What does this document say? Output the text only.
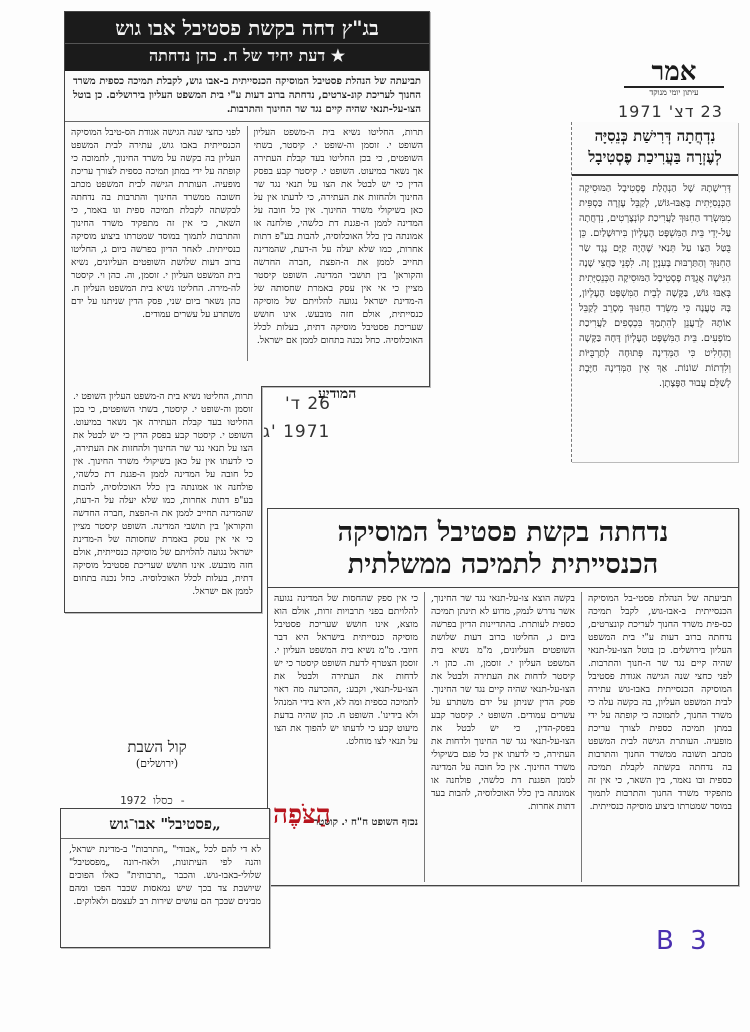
בג"ץ דחה בקשת פסטיבל אבו גוש
★ דעת יחיד של ח. כהן נדחתה
תביעתה של הנהלת פסטיבל המוסיקה הכנסייתית ב-אבו גוש, לקבלת תמיכה כספית משרד החנוך לעריכת קונ-צרטים, נדחתה ברוב דעות ע"י בית המשפט העליון בירושלים. כן בוטל הצו-על-תנאי שהיה קיים נגד שר החינוך והתרבות.
תרות, החליטו נשיא בית ה-משפט העליון השופט י. זוסמן וה-שופט י. קיסטר, בשתי השופטים, כי בכן החליטו בעד קבלת העתירה אך נשאר במיעוט. השופט י. קיסטר קבע בפסק הדין כי יש לבטל את הצו על תנאי נגד שר החינוך ולהחזות את העתירה, כי לדעתו אין על כאן בשיקולי משרד החינוך. אין כל חובה על המדינה לממן ה-פגנת דת כלשהי, פולחנה או אמונתה בין כלל האוכלוסיה, להבות בע"פ דתות אחרות, כמו שלא יעלה על ה-דעת, שהמדינה תחייב לממן את ה-הפצת ,חברה החדשה והקוראן' בין תושבי המדינה. השופט קיסטר מציין כי אי אין עסק באמרת שחסותה של ה-מדינת ישראל נגועה להלויתם של מוסיקה כנסייתית, אולם חזה מובעש. אינו חושש שעריכת פסטיבל מוסיקה דתית, בעלות לכלל האוכלוסיה. כחל נכנה בתחום לממן אם ישראל.
לפני כחצי שנה הגישה אגודת הס-טיבל המוסיקה הכנסייתית באבו גוש, עתירה לבית המשפט העליון בה בקשה על משרד החינוך, לתמוכה כי קופתה על ידי במתן תמיכה כספית לצורך עריכת מופעיה. העותרת הגישה לבית המשפט מכתב חשובה ממשרד החינוך והתרבות בה נדחתה לבקשתה לקבלת תמיכה ספית ונו באמר, כי השאר, כי אין זה מתפקיד משרד החינוך והתרבות לתמוך במוסד שמטרתו ביצוע מוסיקה כנסייתית. לאחר הדיון בפרשה ביום ג, החליטו ברוב דעות שלושת השופטים העליונים, נשיא בית המשפט העליון י. זוסמן, וה. כהן וי. קיסטר לה-מירה. החליטו נשיא בית המשפט העליון ח. כהן נשאר ביום שני, פסק הדין שניתנו על ידם משתרע על עשרים עמודים.
תרות, החליטו נשיא בית ה-משפט העליון השופט י. זוסמן וה-שופט י. קיסטר, בשתי השופטים, כי בכן החליטו בעד קבלת העתירה אך נשאר במיעוט. השופט י. קיסטר קבע בפסק הדין כי יש לבטל את הצו על תנאי נגד שר החינוך ולהחזות את העתירה, כי לדעתו אין על כאן בשיקולי משרד החינוך. אין כל חובה על המדינה לממן ה-פגנת דת כלשהי, פולחנה או אמונתה בין כלל האוכלוסיה, להבות בע"פ דתות אחרות, כמו שלא יעלה על ה-דעת, שהמדינה תחייב לממן את ה-הפצת ,חברה החדשה והקוראן' בין תושבי המדינה. השופט קיסטר מציין כי אי אין עסק באמרת שחסותה של ה-מדינת ישראל נגועה להלויתם של מוסיקה כנסייתית, אולם חזה מובעש. אינו חושש שעריכת פסטיבל מוסיקה דתית, בעלות לכלל האוכלוסיה. כחל נכנה בתחום לממן אם ישראל.
המודיע
26 ד'
1971 'ג
אמר
עיתון יומי מנוקד
23 דצ' 1971
נִדְחֲתָה דְּרִישַׁת כְּנֵסִיָּה לְעֶזְרָה בַּעֲרִיכַת פֶסְטִיבָל
דְּרִישָׁתָהּ שֶׁל הַנְהָלַת פֶסְטִיבָל הַמּוּסִיקָה הַכְּנֵסִיָּתִית בְּאַבּוּ-גּוֹשׁ, לְקַבֵּל עֶזְרָה כַּסְפִּית מִמִּשְׂרַד הַחִנּוּךְ לַעֲרִיכַת קוֹנְצֶרְטִים, נִדְחֲתָה עַל-יְדֵי בֵּית הַמִּשְׁפָּט הָעֶלְיוֹן בִּירוּשָׁלַיִם. כֵּן בֻּטַּל הַצַּו עַל תְּנַאי שֶׁהָיָה קַיָּם נֶגֶד שַׂר הַחִנּוּךְ וְהַתַּרְבּוּת בָּעִנְיָן זֶה. לִפְנֵי כַּחֲצִי שָׁנָה הִגִּישָׁה אֲגֻדַּת פֶסְטִיבָל הַמּוּסִיקָה הַכְּנֵסִיָּתִית בְּאַבּוּ גּוֹשׁ, בַּקָּשָׁה לְבֵית הַמִּשְׁפָּט הָעֶלְיוֹן, בָּהּ טָעֲנָה כִּי מִשְׂרַד הַחִנּוּךְ מְסָרֵב לְקַבֵּל אוֹתָהּ לְרַעֲנֵן לְהִתְמַךְ בִּכְסָפִים לַעֲרִיכַת מוֹפָעִים. בֵּית הַמִּשְׁפָּט הָעֶלְיוֹן דָּחָה בַּקָּשָׁה וְהֶחְלִיט כִּי הַמְּדִינָה פְּתוּחָה לְתַרְבֻּיּוֹת וְלִדְתוֹת שׁוֹנוֹת. אַךְ אֵין הַמְּדִינָה חַיֶּבֶת לְשַׁלֵּם עֲבוּר הַפֶּצָתָן.
נדחתה בקשת פסטיבל המוסיקה
הכנסייתית לתמיכה ממשלתית
תביעתה של הנהלת פסטי-בל המוסיקה הכנסייתית ב-אבו-גוש, לקבל תמיכה כס-פית משרד החנוך לעריכת קונצרטים, נדחתה ברוב דעות ע"י בית המשפט העליון בירושלים. כן בוטל הצו-על-תנאי שהיה קיים נגד שר ה-חנוך והתרבות. לפני כחצי שנה הגישה אגודת פסטיבל המוסיקה הכנסייתית באבו-גוש עתירה לבית המשפט העליון, בה בקשה עלה כי משרד החנוך, לתמוכה כי קופתה על ידי במתן תמיכה כספית לצורך עריכת מופעיה. העותרת הגישה לבית המשפט מכתב תשובה ממשרד החנוך והתרבות בה נדחתה בקשתה לקבלת תמיכה כספית ובו נאמר, בין השאר, כי אין זה מתפקיד משרד החנוך והתרבות לתמוך במוסד שמטרתו ביצוע מוסיקה כנסייתית.
בקשה הוצא צו-על-תנאי נגד שר החינוך, אשר נדרש לנמק, מדוע לא תינתן תמיכה כספית לעותרת. בהתדיינות הדיון בפרשה ביום ג, החליטו ברוב דעות שלושת השופטים העליונים, מ"מ נשיא בית המשפט העליון י. זוסמן, וה. כהן וי. קיסטר לדחות את העתירה ולבטל את הצו-על-תנאי שהיה קיים נגד שר החינוך. פסק הדין שניתן על ידם משתרע על עשרים עמודים. השופט י. קיסטר קבע בפסק-הדין, כי יש לבטל את הצו-על-תנאי נגד שר החינוך ולדחות את העתירה, כי לדעתו אין כל פגם בשיקולי משרד החינוך. אין כל חובה על המדינה לממן הפגנת דת כלשהי, פולחנה או אמונתה בין כלל האוכלוסיה, להבות בעד דתות אחרות.
כי אין ספק שהחסות של המדינה נגועה להלויתם בפני תרבויות זרות, אולם הוא מוצא, אינו חושש שעריכת פסטיבל מוסיקה כנסייתית בישראל היא דבר חיובי. מ"מ נשיא בית המשפט העליון י. זוסמן הצטרף לדעת השופט קיסטר כי יש לדחות את העתירה ולבטל את הצו-על-תנאי, וקבע: ,ההכרעה מה ראוי לתמיכה כספית ומה לא, היא בידי המנהל ולא בידינו'. השופט ח. כהן שהיה בדעת מיעוט קבע כי לדעתו יש להפוך את הצו על תנאי לצו מוחלט.
נכזף השופט ח"ח י. קוסטר
קול השבת
(ירושלים)
- כסלו 1972
„פסטיבל" אבו־גוש
לא די להם לכל „אבודי" „התרבות" ב-מדינת ישראל, והנה לפי העיתונות, ולאח-רונה „מפסטיבל" שלולי-באבו-גוש. והכבר „תרבותית" כאלו הפוכים שיושבת צד בכך שיש נמאסות שכבר הפכו ומהם מבינים שבכך הם עושים שירות רב לעצמם ולאלוקים.
הַצֹּפֶה
B 3
